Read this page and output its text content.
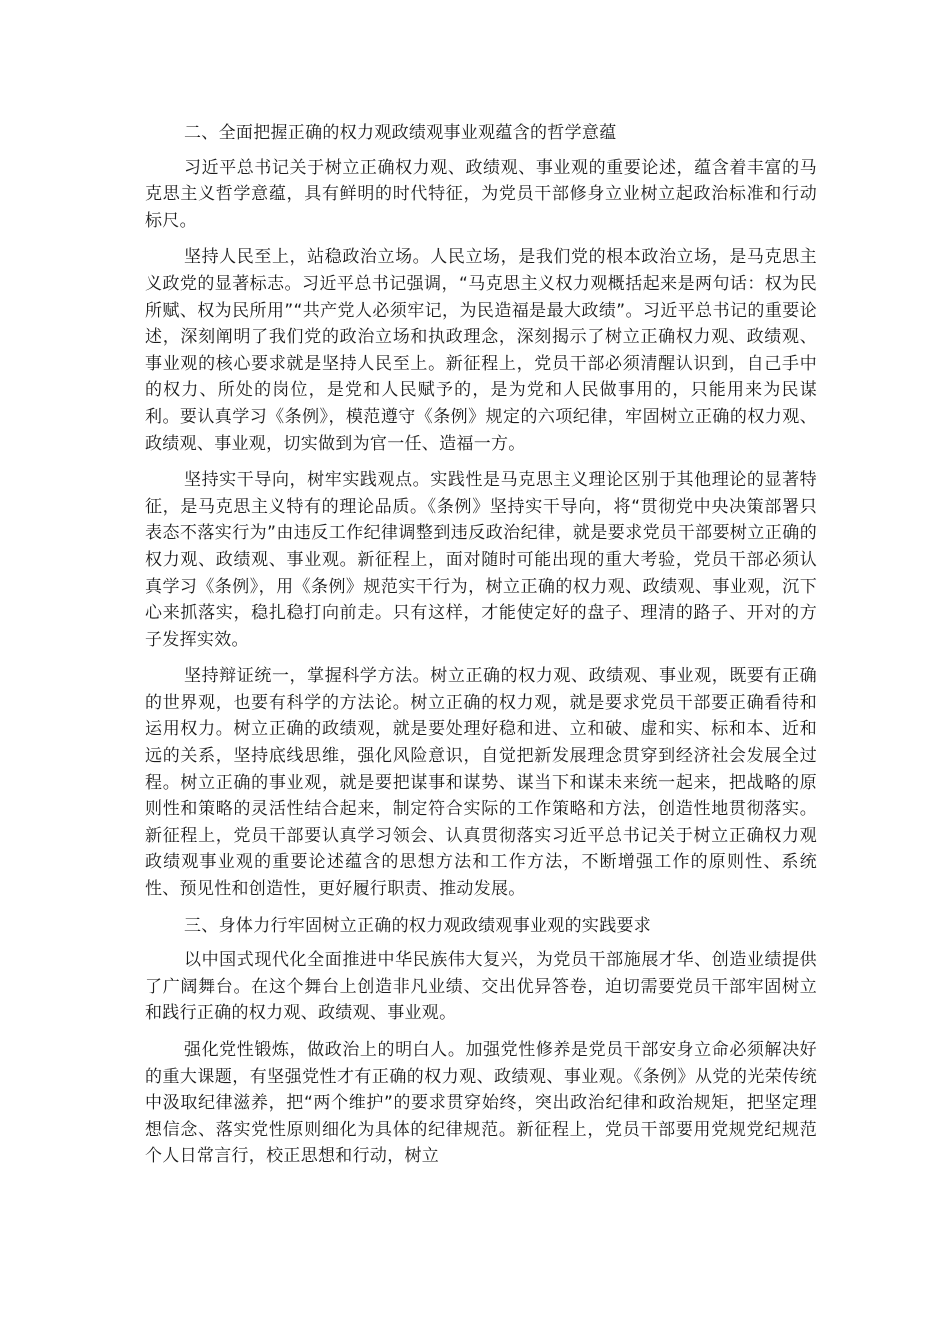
二、全面把握正确的权力观政绩观事业观蕴含的哲学意蕴

习近平总书记关于树立正确权力观、政绩观、事业观的重要论述，蕴含着丰富的马克思主义哲学意蕴，具有鲜明的时代特征，为党员干部修身立业树立起政治标准和行动标尺。

坚持人民至上，站稳政治立场。人民立场，是我们党的根本政治立场，是马克思主义政党的显著标志。习近平总书记强调，“马克思主义权力观概括起来是两句话：权为民所赋、权为民所用”“共产党人必须牢记，为民造福是最大政绩”。习近平总书记的重要论述，深刻阐明了我们党的政治立场和执政理念，深刻揭示了树立正确权力观、政绩观、事业观的核心要求就是坚持人民至上。新征程上，党员干部必须清醒认识到，自己手中的权力、所处的岗位，是党和人民赋予的，是为党和人民做事用的，只能用来为民谋利。要认真学习《条例》，模范遵守《条例》规定的六项纪律，牢固树立正确的权力观、政绩观、事业观，切实做到为官一任、造福一方。

坚持实干导向，树牢实践观点。实践性是马克思主义理论区别于其他理论的显著特征，是马克思主义特有的理论品质。《条例》坚持实干导向，将“贯彻党中央决策部署只表态不落实行为”由违反工作纪律调整到违反政治纪律，就是要求党员干部要树立正确的权力观、政绩观、事业观。新征程上，面对随时可能出现的重大考验，党员干部必须认真学习《条例》，用《条例》规范实干行为，树立正确的权力观、政绩观、事业观，沉下心来抓落实，稳扎稳打向前走。只有这样，才能使定好的盘子、理清的路子、开对的方子发挥实效。

坚持辩证统一，掌握科学方法。树立正确的权力观、政绩观、事业观，既要有正确的世界观，也要有科学的方法论。树立正确的权力观，就是要求党员干部要正确看待和运用权力。树立正确的政绩观，就是要处理好稳和进、立和破、虚和实、标和本、近和远的关系，坚持底线思维，强化风险意识，自觉把新发展理念贯穿到经济社会发展全过程。树立正确的事业观，就是要把谋事和谋势、谋当下和谋未来统一起来，把战略的原则性和策略的灵活性结合起来，制定符合实际的工作策略和方法，创造性地贯彻落实。新征程上，党员干部要认真学习领会、认真贯彻落实习近平总书记关于树立正确权力观政绩观事业观的重要论述蕴含的思想方法和工作方法，不断增强工作的原则性、系统性、预见性和创造性，更好履行职责、推动发展。

三、身体力行牢固树立正确的权力观政绩观事业观的实践要求

以中国式现代化全面推进中华民族伟大复兴，为党员干部施展才华、创造业绩提供了广阔舞台。在这个舞台上创造非凡业绩、交出优异答卷，迫切需要党员干部牢固树立和践行正确的权力观、政绩观、事业观。

强化党性锻炼，做政治上的明白人。加强党性修养是党员干部安身立命必须解决好的重大课题，有坚强党性才有正确的权力观、政绩观、事业观。《条例》从党的光荣传统中汲取纪律滋养，把“两个维护”的要求贯穿始终，突出政治纪律和政治规矩，把坚定理想信念、落实党性原则细化为具体的纪律规范。新征程上，党员干部要用党规党纪规范个人日常言行，校正思想和行动，树立
